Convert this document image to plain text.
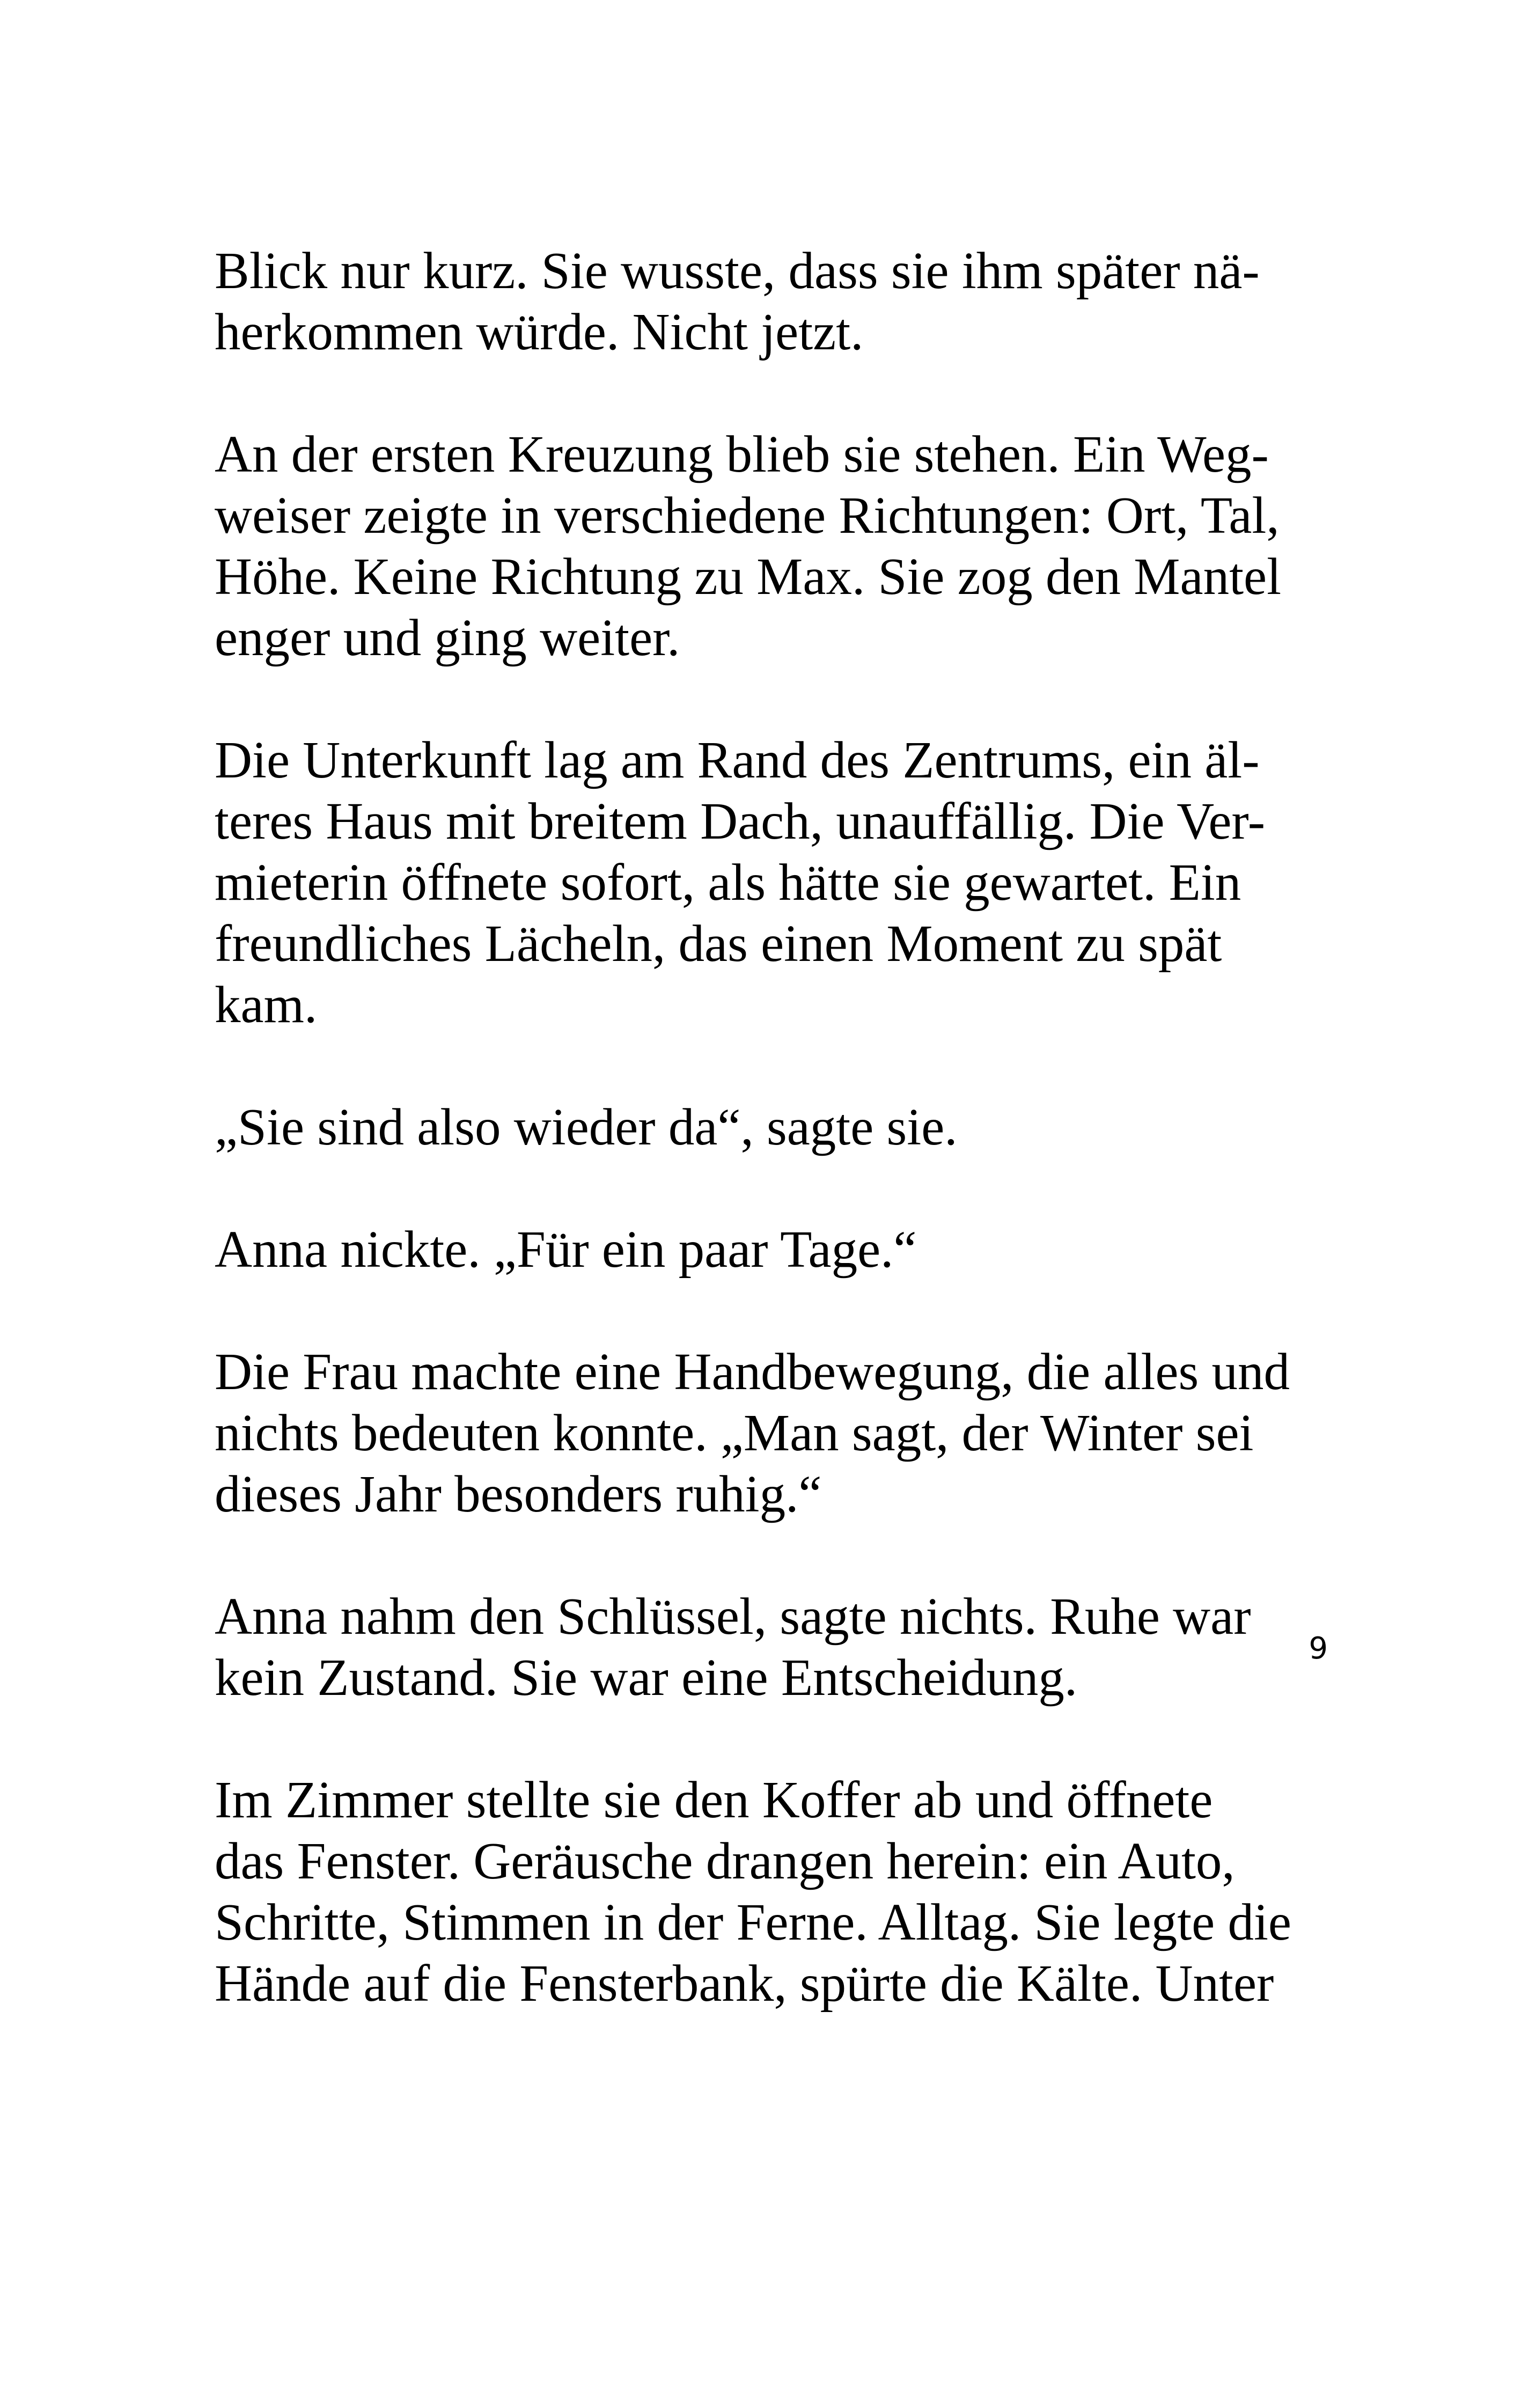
Blick nur kurz. Sie wusste, dass sie ihm später nä-
herkommen würde. Nicht jetzt.
An der ersten Kreuzung blieb sie stehen. Ein Weg-
weiser zeigte in verschiedene Richtungen: Ort, Tal,
Höhe. Keine Richtung zu Max. Sie zog den Mantel
enger und ging weiter.
Die Unterkunft lag am Rand des Zentrums, ein äl-
teres Haus mit breitem Dach, unauffällig. Die Ver-
mieterin öffnete sofort, als hätte sie gewartet. Ein
freundliches Lächeln, das einen Moment zu spät
kam.
„Sie sind also wieder da“, sagte sie.
Anna nickte. „Für ein paar Tage.“
Die Frau machte eine Handbewegung, die alles und
nichts bedeuten konnte. „Man sagt, der Winter sei
dieses Jahr besonders ruhig.“
Anna nahm den Schlüssel, sagte nichts. Ruhe war
kein Zustand. Sie war eine Entscheidung.
Im Zimmer stellte sie den Koffer ab und öffnete
das Fenster. Geräusche drangen herein: ein Auto,
Schritte, Stimmen in der Ferne. Alltag. Sie legte die
Hände auf die Fensterbank, spürte die Kälte. Unter
9
